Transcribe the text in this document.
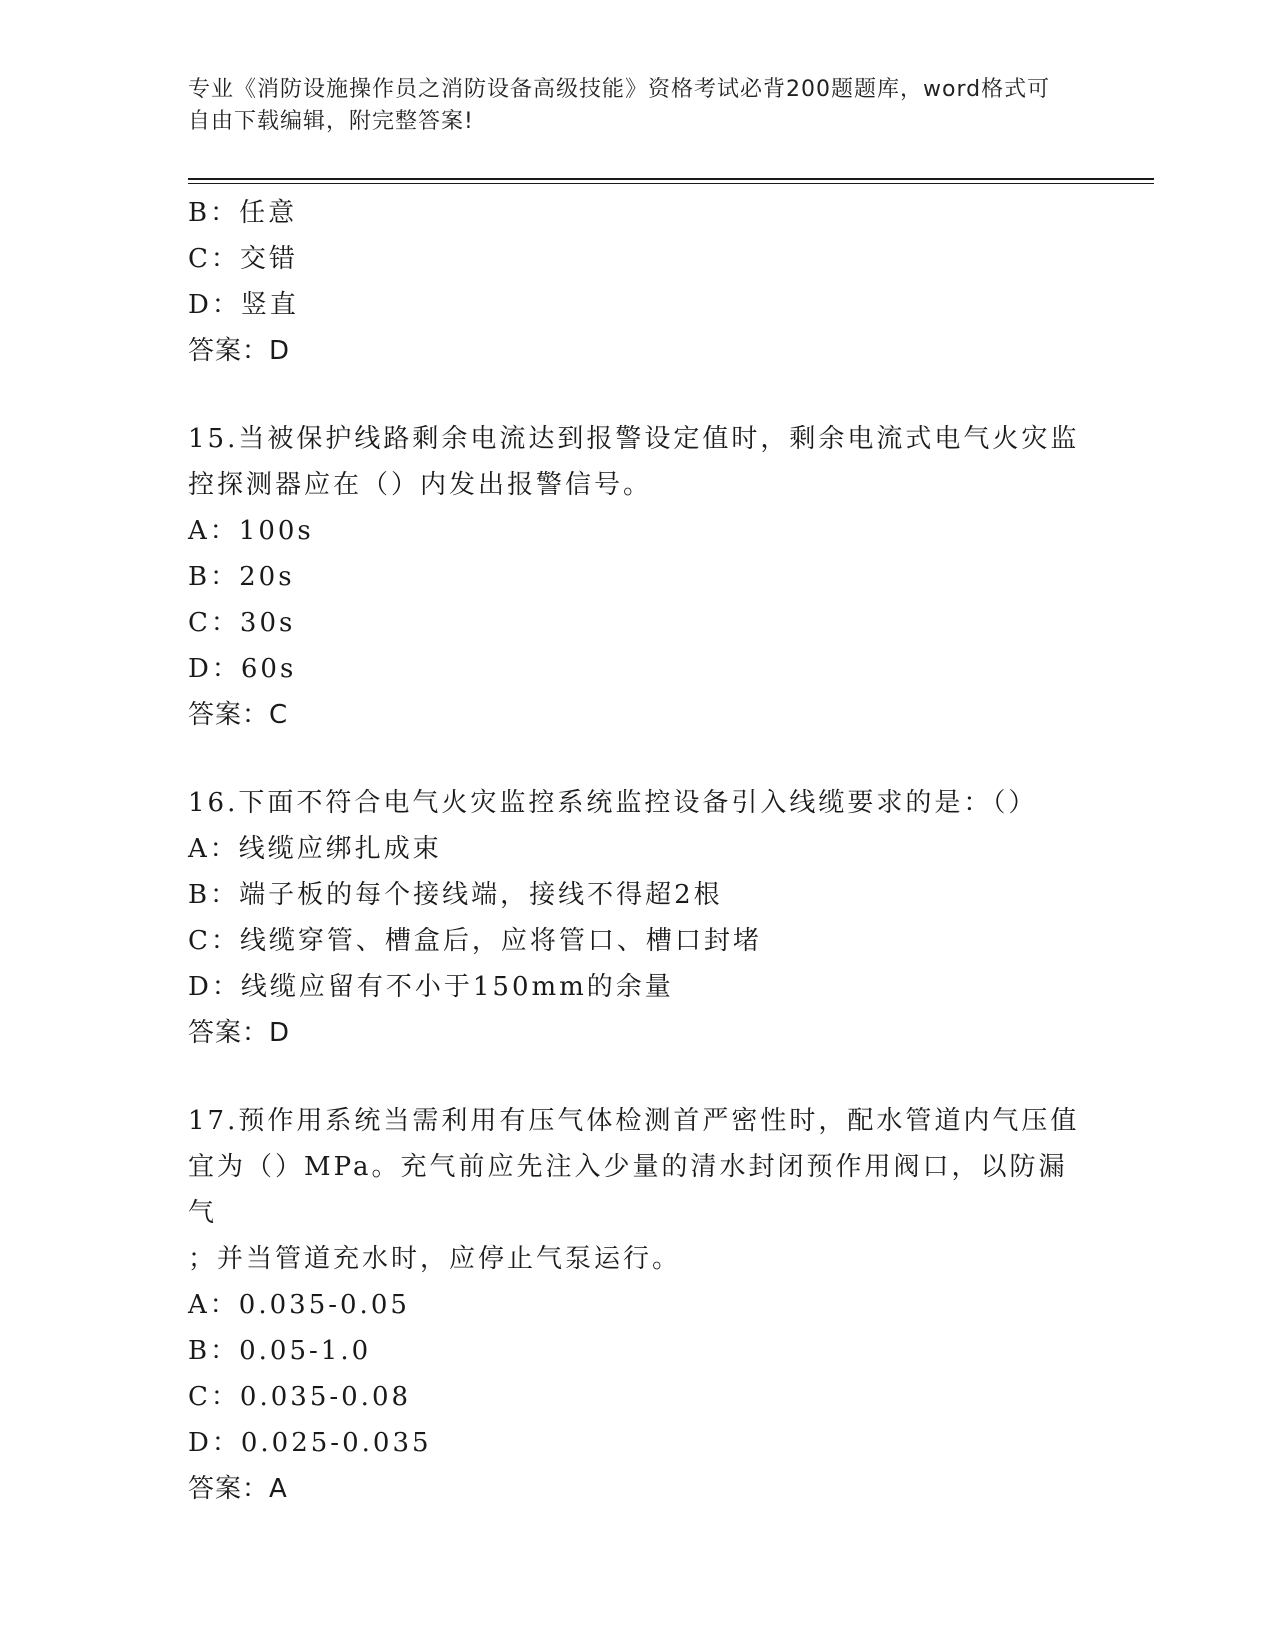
专业《消防设施操作员之消防设备高级技能》资格考试必背200题题库，word格式可自由下载编辑，附完整答案!
B：任意
C：交错
D：竖直
答案：D
15.当被保护线路剩余电流达到报警设定值时，剩余电流式电气火灾监
控探测器应在（）内发出报警信号。
A：100s
B：20s
C：30s
D：60s
答案：C
16.下面不符合电气火灾监控系统监控设备引入线缆要求的是：（）
A：线缆应绑扎成束
B：端子板的每个接线端，接线不得超2根
C：线缆穿管、槽盒后，应将管口、槽口封堵
D：线缆应留有不小于150mm的余量
答案：D
17.预作用系统当需利用有压气体检测首严密性时，配水管道内气压值
宜为（）MPa。充气前应先注入少量的清水封闭预作用阀口，以防漏气
；并当管道充水时，应停止气泵运行。
A：0.035-0.05
B：0.05-1.0
C：0.035-0.08
D：0.025-0.035
答案：A
